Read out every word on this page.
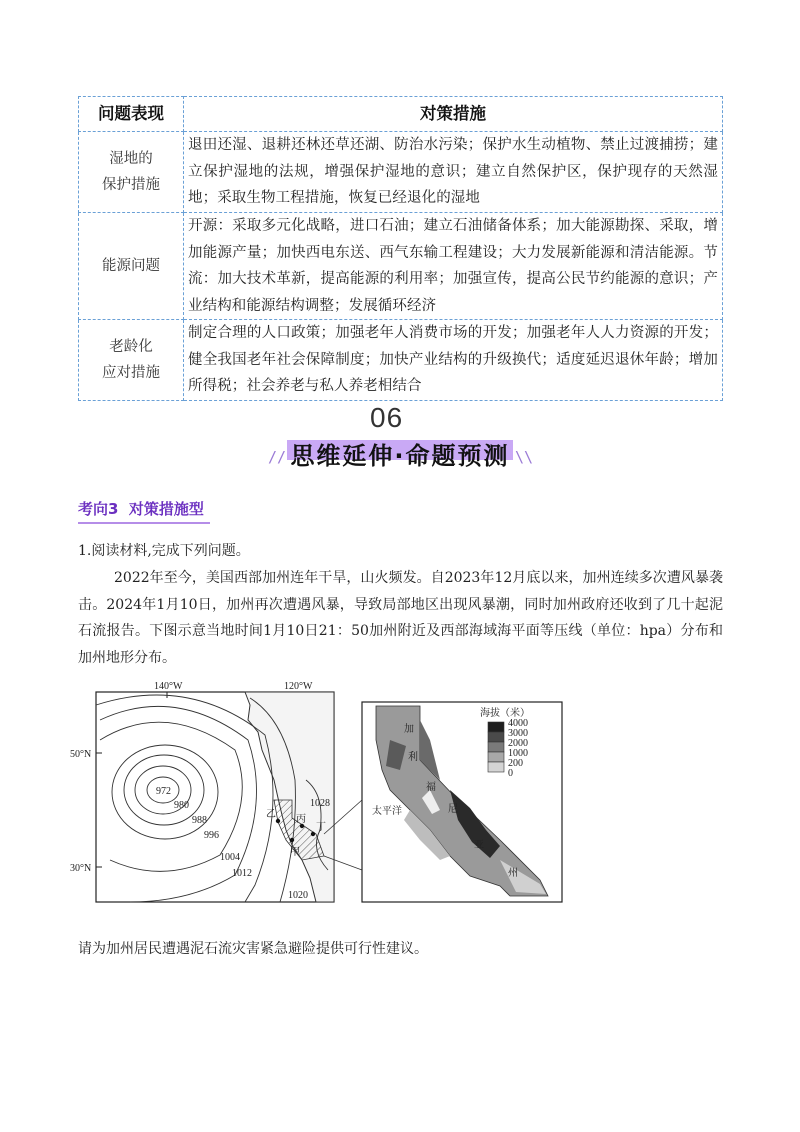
问题表现	对策措施
湿地的
保护措施	退田还湿、退耕还林还草还湖、防治水污染；保护水生动植物、禁止过渡捕捞；建立保护湿地的法规，增强保护湿地的意识；建立自然保护区，保护现存的天然湿地；采取生物工程措施，恢复已经退化的湿地
能源问题	开源：采取多元化战略，进口石油；建立石油储备体系；加大能源勘探、采取，增加能源产量；加快西电东送、西气东输工程建设；大力发展新能源和清洁能源。节流：加大技术革新，提高能源的利用率；加强宣传，提高公民节约能源的意识；产业结构和能源结构调整；发展循环经济
老龄化
应对措施	制定合理的人口政策；加强老年人消费市场的开发；加强老年人人力资源的开发；健全我国老年社会保障制度；加快产业结构的升级换代；适度延迟退休年龄；增加所得税；社会养老与私人养老相结合
06
// 思维延伸·命题预测 \\
考向3  对策措施型
1.阅读材料,完成下列问题。
2022年至今，美国西部加州连年干旱，山火频发。自2023年12月底以来，加州连续多次遭风暴袭击。2024年1月10日，加州再次遭遇风暴，导致局部地区出现风暴潮，同时加州政府还收到了几十起泥石流报告。下图示意当地时间1月10日21：50加州附近及西部海域海平面等压线（单位：hpa）分布和加州地形分布。
140°W	120°W
50°N
30°N
972
980
988
996
1004
1012
1020
1028
甲
乙 丙
丁
加
利
福
尼
亚
州
太平洋
海拔（米）
4000
3000
2000
1000
200
0
请为加州居民遭遇泥石流灾害紧急避险提供可行性建议。
